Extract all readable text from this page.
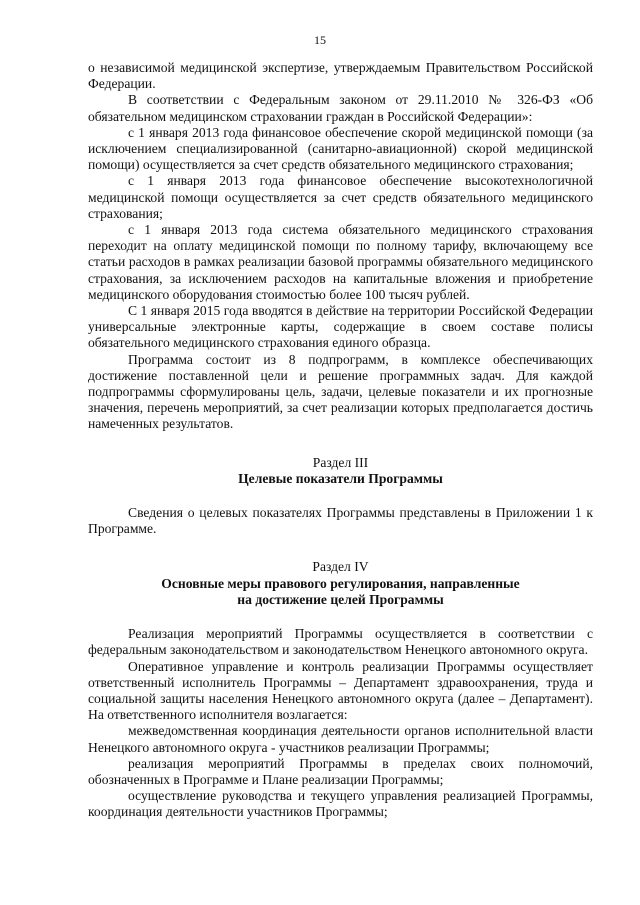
15

о независимой медицинской экспертизе, утверждаемым Правительством Российской Федерации.

В соответствии с Федеральным законом от 29.11.2010 № 326-ФЗ «Об обязательном медицинском страховании граждан в Российской Федерации»:

с 1 января 2013 года финансовое обеспечение скорой медицинской помощи (за исключением специализированной (санитарно-авиационной) скорой медицинской помощи) осуществляется за счет средств обязательного медицинского страхования;

с 1 января 2013 года финансовое обеспечение высокотехнологичной медицинской помощи осуществляется за счет средств обязательного медицинского страхования;

с 1 января 2013 года система обязательного медицинского страхования переходит на оплату медицинской помощи по полному тарифу, включающему все статьи расходов в рамках реализации базовой программы обязательного медицинского страхования, за исключением расходов на капитальные вложения и приобретение медицинского оборудования стоимостью более 100 тысяч рублей.

С 1 января 2015 года вводятся в действие на территории Российской Федерации универсальные электронные карты, содержащие в своем составе полисы обязательного медицинского страхования единого образца.

Программа состоит из 8 подпрограмм, в комплексе обеспечивающих достижение поставленной цели и решение программных задач. Для каждой подпрограммы сформулированы цель, задачи, целевые показатели и их прогнозные значения, перечень мероприятий, за счет реализации которых предполагается достичь намеченных результатов.

Раздел III

Целевые показатели Программы

Сведения о целевых показателях Программы представлены в Приложении 1 к Программе.

Раздел IV

Основные меры правового регулирования, направленные

на достижение целей Программы

Реализация мероприятий Программы осуществляется в соответствии с федеральным законодательством и законодательством Ненецкого автономного округа.

Оперативное управление и контроль реализации Программы осуществляет ответственный исполнитель Программы – Департамент здравоохранения, труда и социальной защиты населения Ненецкого автономного округа (далее – Департамент). На ответственного исполнителя возлагается:

межведомственная координация деятельности органов исполнительной власти Ненецкого автономного округа - участников реализации Программы;

реализация мероприятий Программы в пределах своих полномочий, обозначенных в Программе и Плане реализации Программы;

осуществление руководства и текущего управления реализацией Программы, координация деятельности участников Программы;
